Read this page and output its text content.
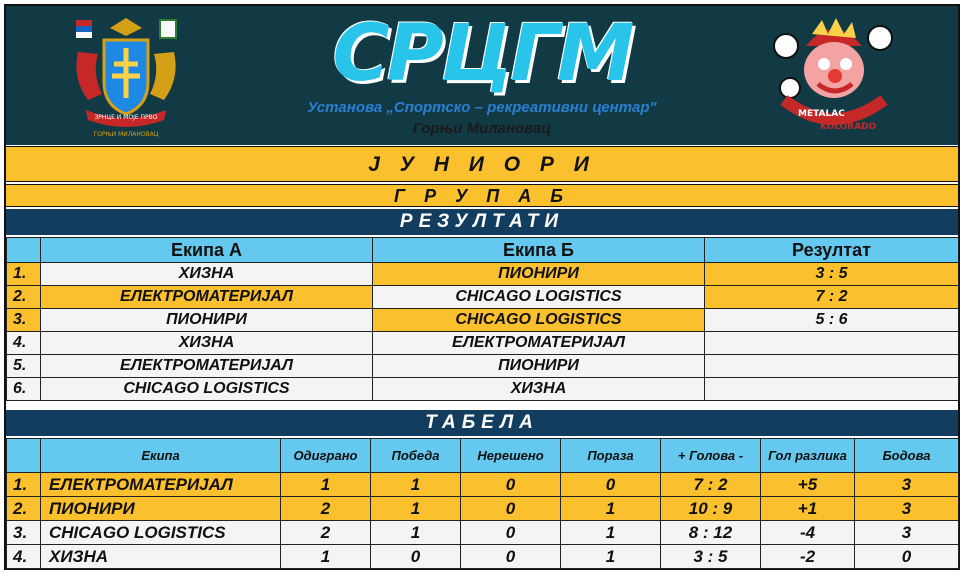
ЗРНЦЕ И МОЈЕ ПРВО
ГОРЊИ МИЛАНОВАЦ
СРЦГМ
Установа „Спортско – рекреативни центар"
Горњи Милановац
METALAC
KOLORADO
Ј У Н И О Р И
Г Р У П А Б
РЕЗУЛТАТИ
	Екипа А	Екипа Б	Резултат
1.	ХИЗНА	ПИОНИРИ	3 : 5
2.	ЕЛЕКТРОМАТЕРИЈАЛ	CHICAGO LOGISTICS	7 : 2
3.	ПИОНИРИ	CHICAGO LOGISTICS	5 : 6
4.	ХИЗНА	ЕЛЕКТРОМАТЕРИЈАЛ	
5.	ЕЛЕКТРОМАТЕРИЈАЛ	ПИОНИРИ	
6.	CHICAGO LOGISTICS	ХИЗНА	
ТАБЕЛА
	Екипа	Одиграно	Победа	Нерешено	Пораза	+ Голова -	Гол разлика	Бодова
1.	ЕЛЕКТРОМАТЕРИЈАЛ	1	1	0	0	7 : 2	+5	3
2.	ПИОНИРИ	2	1	0	1	10 : 9	+1	3
3.	CHICAGO LOGISTICS	2	1	0	1	8 : 12	-4	3
4.	ХИЗНА	1	0	0	1	3 : 5	-2	0
